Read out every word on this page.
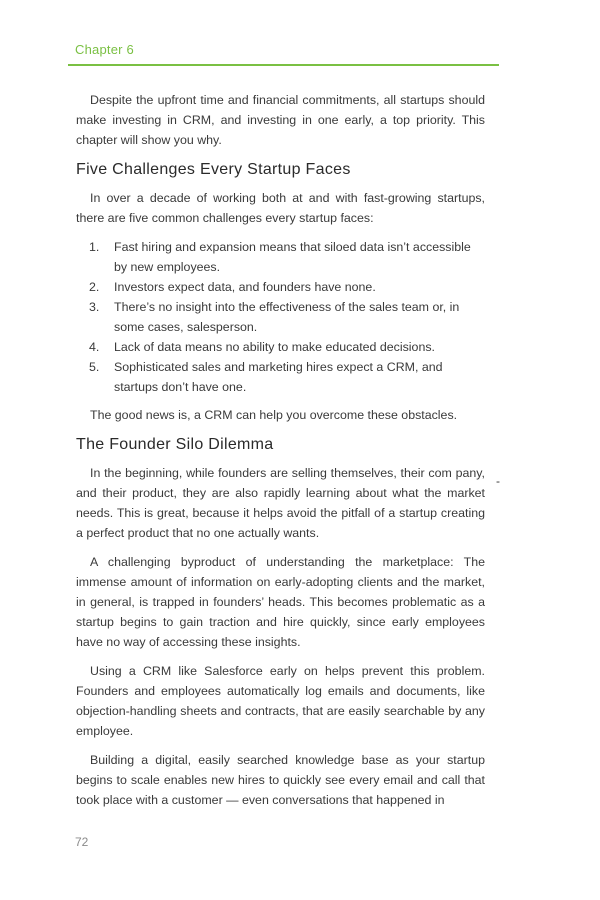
Chapter 6

Despite the upfront time and financial commitments, all startups should make investing in CRM, and investing in one early, a top priority. This chapter will show you why.

Five Challenges Every Startup Faces

In over a decade of working both at and with fast-growing startups, there are five common challenges every startup faces:

1. Fast hiring and expansion means that siloed data isn’t accessible by new employees.
2. Investors expect data, and founders have none.
3. There’s no insight into the effectiveness of the sales team or, in some cases, salesperson.
4. Lack of data means no ability to make educated decisions.
5. Sophisticated sales and marketing hires expect a CRM, and startups don’t have one.

The good news is, a CRM can help you overcome these obstacles.

The Founder Silo Dilemma

In the beginning, while founders are selling themselves, their com pany, and their product, they are also rapidly learning about what the market needs. This is great, because it helps avoid the pitfall of a startup creating a perfect product that no one actually wants.

A challenging byproduct of understanding the marketplace: The immense amount of information on early-adopting clients and the market, in general, is trapped in founders’ heads. This becomes problematic as a startup begins to gain traction and hire quickly, since early employees have no way of accessing these insights.

Using a CRM like Salesforce early on helps prevent this problem. Founders and employees automatically log emails and documents, like objection-handling sheets and contracts, that are easily searchable by any employee.

Building a digital, easily searched knowledge base as your startup begins to scale enables new hires to quickly see every email and call that took place with a customer — even conversations that happened in

-
72
